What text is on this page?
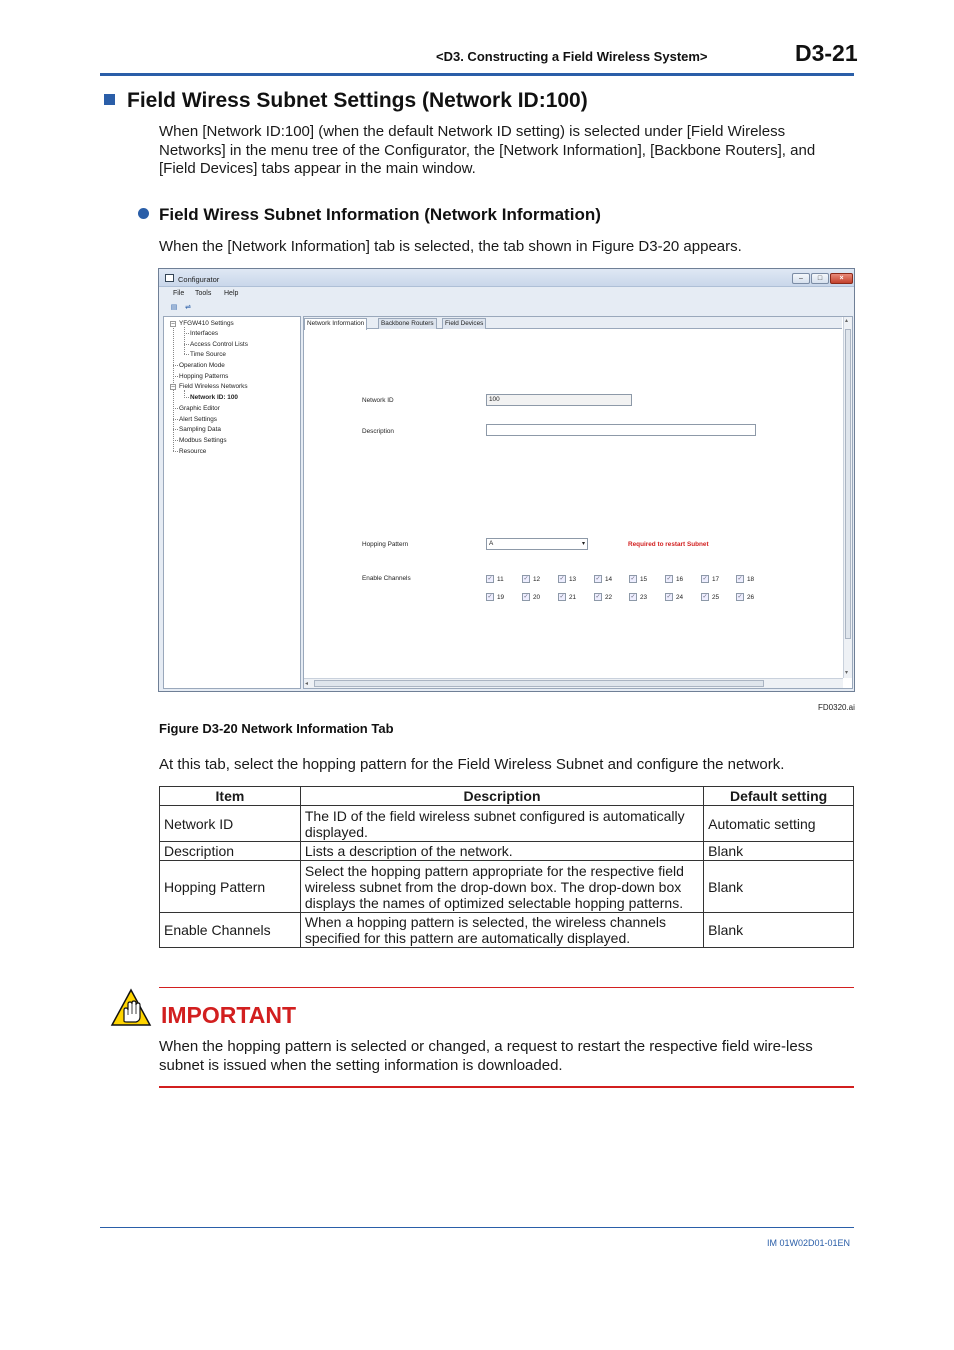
<D3. Constructing a Field Wireless System>	D3-21
Field Wiress Subnet Settings (Network ID:100)
When [Network ID:100] (when the default Network ID setting) is selected under [Field Wireless Networks] in the menu tree of the Configurator, the [Network Information], [Backbone Routers], and [Field Devices] tabs appear in the main window.
Field Wiress Subnet Information (Network Information)
When the [Network Information] tab is selected, the tab shown in Figure D3-20 appears.
Configurator	–	□	×
File Tools Help
▤ ⇌
–
–
YFGW410 Settings
Interfaces
Access Control Lists
Time Source
Operation Mode
Hopping Patterns
Field Wireless Networks
Network ID: 100
Graphic Editor
Alert Settings
Sampling Data
Modbus Settings
Resource
Network Information	Backbone Routers	Field Devices
Network ID	100
Description
Hopping Pattern	A	▾	Required to restart Subnet
Enable Channels	✓ 11	✓ 12	✓ 13	✓ 14	✓ 15	✓ 16	✓ 17	✓ 18
✓ 19	✓ 20	✓ 21	✓ 22	✓ 23	✓ 24	✓ 25	✓ 26
▴
▾
◂
FD0320.ai
Figure D3-20 Network Information Tab
At this tab, select the hopping pattern for the Field Wireless Subnet and configure the network.
Item	Description	Default setting
Network ID	The ID of the field wireless subnet configured is automatically displayed.	Automatic setting
Description	Lists a description of the network.	Blank
Hopping Pattern	Select the hopping pattern appropriate for the respective field wireless subnet from the drop-down box. The drop-down box displays the names of optimized selectable hopping patterns.	Blank
Enable Channels	When a hopping pattern is selected, the wireless channels specified for this pattern are automatically displayed.	Blank
IMPORTANT
When the hopping pattern is selected or changed, a request to restart the respective field wire-less subnet is issued when the setting information is downloaded.
IM 01W02D01-01EN
